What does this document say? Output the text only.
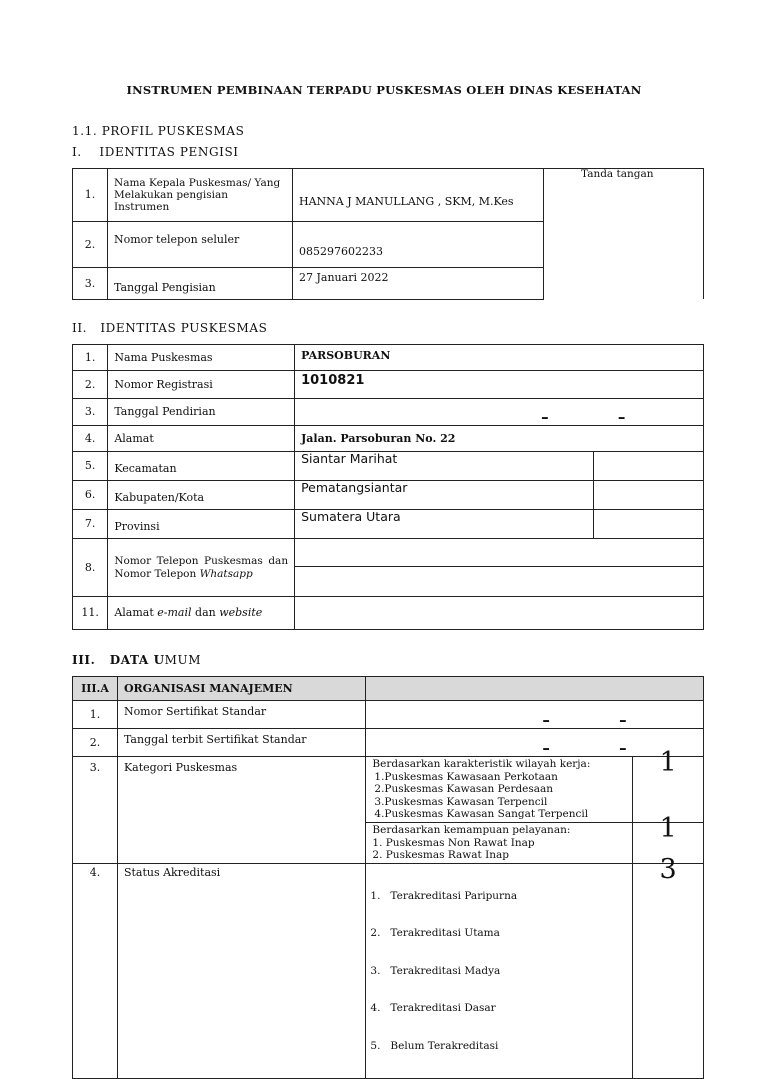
INSTRUMEN PEMBINAAN TERPADU PUSKESMAS OLEH DINAS KESEHATAN
1.1. PROFIL PUSKESMAS
I.    IDENTITAS PENGISI
1.	Nama Kepala Puskesmas/ Yang Melakukan pengisian Instrumen	HANNA J MANULLANG , SKM, M.Kes
2.	Nomor telepon seluler	085297602233
3.	Tanggal Pengisian	27 Januari 2022
Tanda tangan
II.   IDENTITAS PUSKESMAS
1.	Nama Puskesmas	PARSOBURAN	
2.	Nomor Registrasi	1010821	
3.	Tanggal Pendirian	– –	
4.	Alamat	Jalan. Parsoburan No. 22	
5.	Kecamatan	Siantar Marihat	
6.	Kabupaten/Kota	Pematangsiantar	
7.	Provinsi	Sumatera Utara	
8.	Nomor Telepon Puskesmas dan Nomor Telepon Whatsapp		

11.	Alamat e-mail dan website		
III.   DATA UMUM
III.A	ORGANISASI MANAJEMEN		
1.	Nomor Sertifikat Standar	– –	
2.	Tanggal terbit Sertifikat Standar	– –	
3.	Kategori Puskesmas	Berdasarkan karakteristik wilayah kerja:
1.Puskesmas Kawasaan Perkotaan
2.Puskesmas Kawasan Perdesaan
3.Puskesmas Kawasan Terpencil
4.Puskesmas Kawasan Sangat Terpencil	1

		Berdasarkan kemampuan pelayanan:
1. Puskesmas Non Rawat Inap
2. Puskesmas Rawat Inap	1
4.	Status Akreditasi	1.   Terakreditasi Paripurna

2.   Terakreditasi Utama

3.   Terakreditasi Madya

4.   Terakreditasi Dasar

5.   Belum Terakreditasi	3
